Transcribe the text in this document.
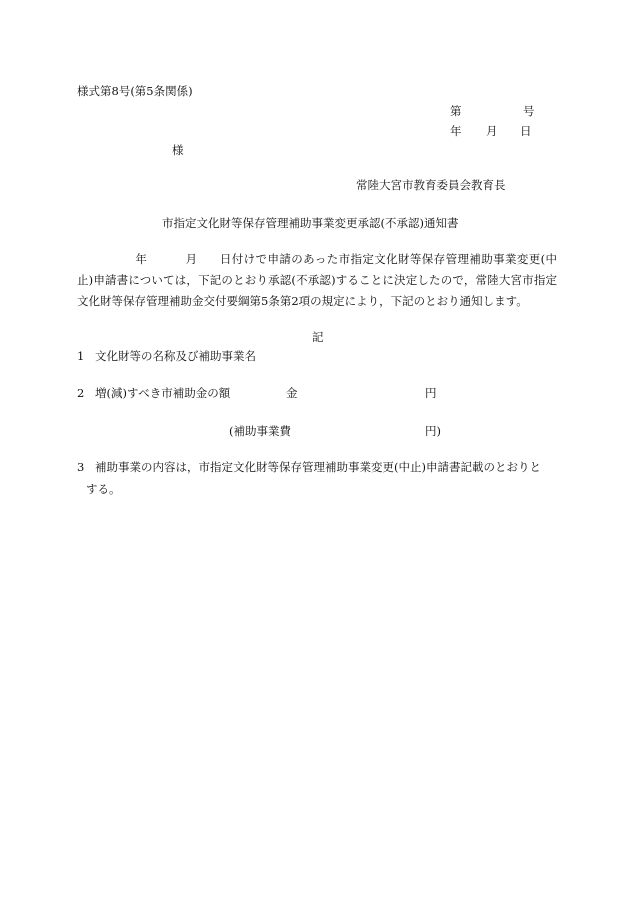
様式第8号(第5条関係)
第	号
年 月 日
様
常陸大宮市教育委員会教育長
市指定文化財等保存管理補助事業変更承認(不承認)通知書
年	月 日付けで申請のあった市指定文化財等保存管理補助事業変更(中止)申請書については，下記のとおり承認(不承認)することに決定したので，常陸大宮市指定文化財等保存管理補助金交付要綱第5条第2項の規定により，下記のとおり通知します。
記
1 文化財等の名称及び補助事業名
2 増(減)すべき市補助金の額	金	円
(補助事業費	円)
3 補助事業の内容は，市指定文化財等保存管理補助事業変更(中止)申請書記載のとおりと
する。
